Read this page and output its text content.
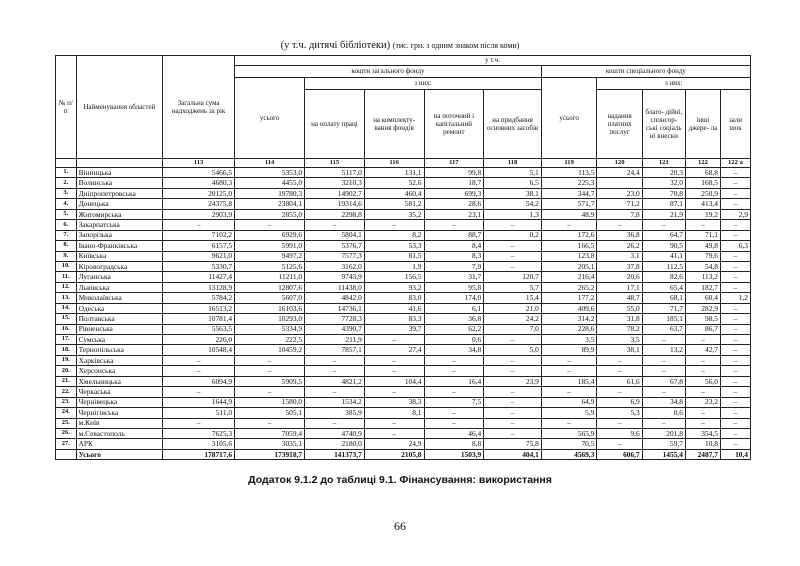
(у т.ч. дитячі бібліотеки) (тис. грн. з одним знаком після коми)
№ п/п	Найменування областей	Загальна сума надходжень за рік	у т.ч.									
			кошти загального фонду					кошти спеціального фонду				
			усього	з них:				усього	з них:			
				на оплату праці	на комплекту- вання фондів	на поточний і капітальний ремонт	на придбання основних засобів		надання платних послуг	благо- дійні, спонсор- ські соціаль ні внески	інші джере- ла	зали шок
		113	114	115	116	117	118	119	120	121	122	122 а
1.	Вінницька	5466,5	5353,0	5117,0	131,1	99,8	5,1	113,5	24,4	20,3	68,8	–
2.	Волинська	4680,3	4455,0	3210,3	52,6	18,7	6,5	225,3		32,0	168,5	–
3.	Дніпропетровська	20125,0	19780,3	14902,7	460,4	699,3	38,1	344,7	23,0	70,8	250,9	–
4.	Донецька	24375,8	23804,1	19314,6	581,2	28,6	54,2	571,7	71,2	87,1	413,4	–
5.	Житомирська	2903,9	2855,0	2298,8	35,2	23,1	1,3	48,9	7,8	21,9	19,2	2,9
6.	Закарпатська	–	–	–	–	–	–	–	–	–	–	–
7.	Запорізька	7102,2	6929,6	5804,1	8,2	88,7	0,2	172,6	36,8	64,7	71,1	–
8.	Івано-Франківська	6157,5	5991,0	5376,7	53,3	8,4	–	166,5	26,2	90,5	49,8	6,3
9.	Київська	9621,0	9497,2	7577,3	81,5	8,3	–	123,8	3,1	41,1	79,6	–
10.	Кіровоградська	5330,7	5125,6	3162,0	1,9	7,9	–	205,1	37,8	112,5	54,8	–
11.	Луганська	11427,4	11211,0	9743,9	156,5	31,7	120,7	216,4	20,6	82,6	113,2	–
12.	Львівська	13128,9	12807,6	11438,0	93,2	95,8	5,7	265,2	17,1	65,4	182,7	–
13.	Миколаївська	5784,2	5607,0	4842,0	83,0	174,0	15,4	177,2	48,7	68,1	60,4	1,2
14.	Одеська	16513,2	16103,6	14736,1	41,6	6,1	21,0	409,6	55,0	71,7	282,9	–
15.	Полтавська	10781,4	10293,0	7728,3	83,3	36,8	24,2	314,2	31,8	185,1	98,5	–
16.	Рівненська	5563,5	5334,9	4390,7	39,7	62,2	7,0	228,6	78,2	63,7	86,7	–
17.	Сумська	226,0	222,5	211,9	–	0,6	–	3,5	3,5	–	–	–
18.	Тернопільська	10548,4	10459,2	7857,1	27,4	34,8	5,0	89,9	38,1	13,2	42,7	–
19.	Харківська	–	–	–	–	–	–	–	–	–	–	–
20.	Херсонська	–	–	–	–	–	–	–	–	–	–	–
21.	Хмельницька	6094,9	5909,5	4821,2	104,4	16,4	23,9	185,4	61,6	67,8	56,0	–
22.	Черкаська	–	–	–	–	–	–	–	–	–	–	–
23.	Чернівецька	1644,9	1580,0	1534,2	38,3	7,5	–	64,9	6,9	34,8	23,2	–
24.	Чернігівська	511,0	505,1	385,9	8,1	–	–	5,9	5,3	0,6	–	–
25.	м.Київ	–	–	–	–	–	–	–	–	–	–	–
26.	м.Севастополь	7625,3	7059,4	4740,9	–	46,4	–	565,9	9,6	201,8	354,5	–
27.	АРК	3105,6	3035,1	2180,0	24,9	8,8	75,8	70,5	–	59,7	10,8	–
	Усього	178717,6	173918,7	141373,7	2105,8	1503,9	404,1	4569,3	606,7	1455,4	2487,7	10,4
Додаток 9.1.2 до таблиці 9.1. Фінансування: використання
66
